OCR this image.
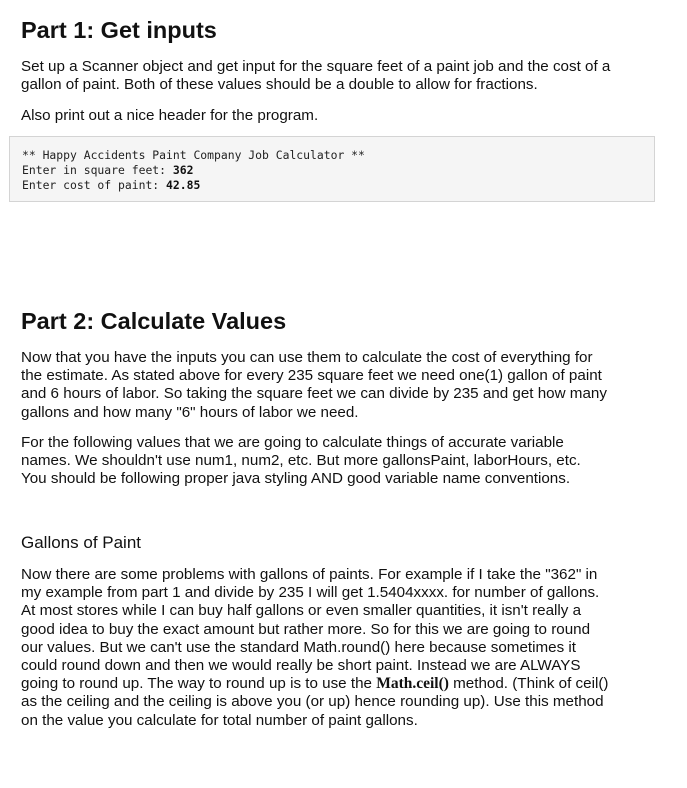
Part 1: Get inputs

Set up a Scanner object and get input for the square feet of a paint job and the cost of a
gallon of paint. Both of these values should be a double to allow for fractions.

Also print out a nice header for the program.

** Happy Accidents Paint Company Job Calculator **
Enter in square feet: 362
Enter cost of paint: 42.85
Part 2: Calculate Values

Now that you have the inputs you can use them to calculate the cost of everything for
the estimate. As stated above for every 235 square feet we need one(1) gallon of paint
and 6 hours of labor. So taking the square feet we can divide by 235 and get how many
gallons and how many "6" hours of labor we need.

For the following values that we are going to calculate things of accurate variable
names. We shouldn't use num1, num2, etc. But more gallonsPaint, laborHours, etc.
You should be following proper java styling AND good variable name conventions.

Gallons of Paint

Now there are some problems with gallons of paints. For example if I take the "362" in
my example from part 1 and divide by 235 I will get 1.5404xxxx. for number of gallons.
At most stores while I can buy half gallons or even smaller quantities, it isn't really a
good idea to buy the exact amount but rather more. So for this we are going to round
our values. But we can't use the standard Math.round() here because sometimes it
could round down and then we would really be short paint. Instead we are ALWAYS
going to round up. The way to round up is to use the Math.ceil() method. (Think of ceil()
as the ceiling and the ceiling is above you (or up) hence rounding up). Use this method
on the value you calculate for total number of paint gallons.
